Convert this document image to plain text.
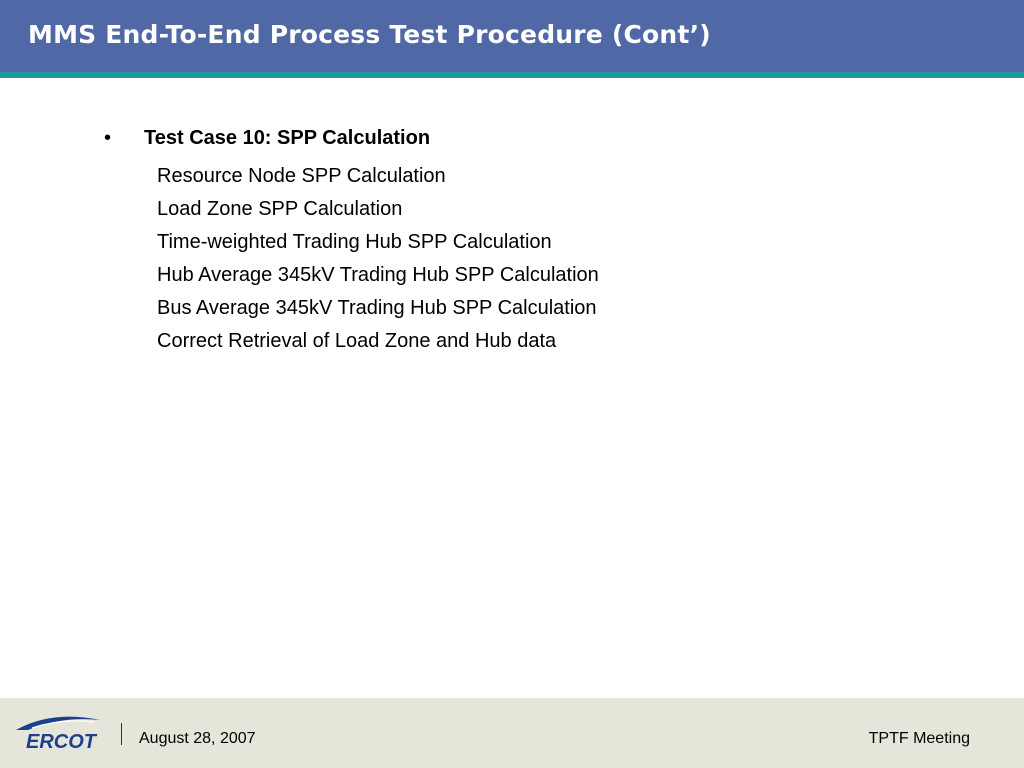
MMS End-To-End Process Test Procedure (Cont’)
• Test Case 10: SPP Calculation
Resource Node SPP Calculation
Load Zone SPP Calculation
Time-weighted Trading Hub SPP Calculation
Hub Average 345kV Trading Hub SPP Calculation
Bus Average 345kV Trading Hub SPP Calculation
Correct Retrieval of Load Zone and Hub data
ERCOT	August 28, 2007	TPTF Meeting
